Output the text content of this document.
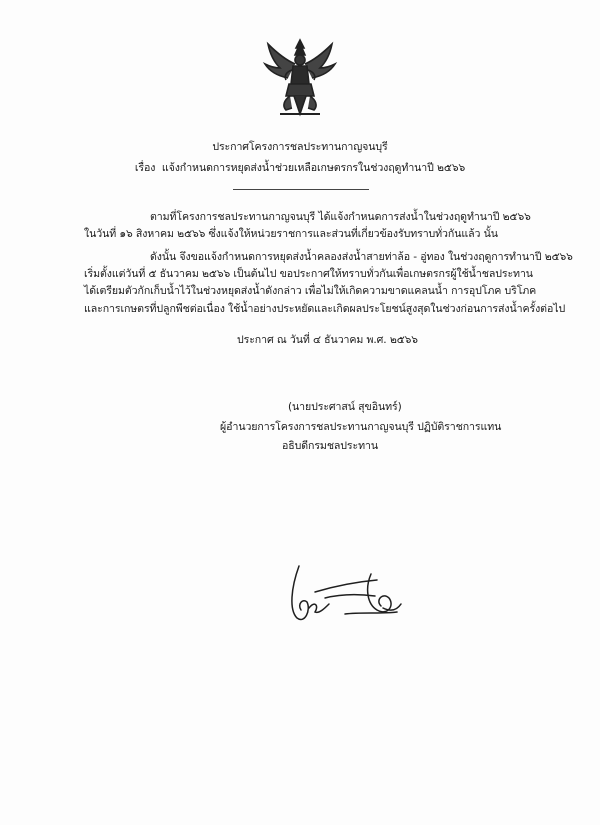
ประกาศโครงการชลประทานกาญจนบุรี
เรื่อง แจ้งกำหนดการหยุดส่งน้ำช่วยเหลือเกษตรกรในช่วงฤดูทำนาปี ๒๕๖๖
ตามที่โครงการชลประทานกาญจนบุรี ได้แจ้งกำหนดการส่งน้ำในช่วงฤดูทำนาปี ๒๕๖๖
ในวันที่ ๑๖ สิงหาคม ๒๕๖๖ ซึ่งแจ้งให้หน่วยราชการและส่วนที่เกี่ยวข้องรับทราบทั่วกันแล้ว นั้น
ดังนั้น จึงขอแจ้งกำหนดการหยุดส่งน้ำคลองส่งน้ำสายท่าล้อ - อู่ทอง ในช่วงฤดูการทำนาปี ๒๕๖๖
เริ่มตั้งแต่วันที่ ๕ ธันวาคม ๒๕๖๖ เป็นต้นไป ขอประกาศให้ทราบทั่วกันเพื่อเกษตรกรผู้ใช้น้ำชลประทาน
ได้เตรียมตัวกักเก็บน้ำไว้ในช่วงหยุดส่งน้ำดังกล่าว เพื่อไม่ให้เกิดความขาดแคลนน้ำ การอุปโภค บริโภค
และการเกษตรที่ปลูกพืชต่อเนื่อง ใช้น้ำอย่างประหยัดและเกิดผลประโยชน์สูงสุดในช่วงก่อนการส่งน้ำครั้งต่อไป
ประกาศ ณ วันที่ ๔ ธันวาคม พ.ศ. ๒๕๖๖
(นายประศาสน์ สุขอินทร์)
ผู้อำนวยการโครงการชลประทานกาญจนบุรี ปฏิบัติราชการแทน
อธิบดีกรมชลประทาน
